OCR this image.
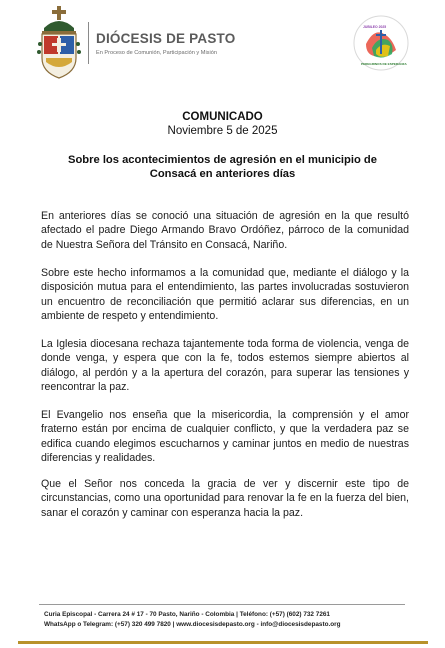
DIÓCESIS DE PASTO
En Proceso de Comunión, Participación y Misión
JUBILEO 2025
PEREGRINOS DE ESPERANZA
COMUNICADO
Noviembre 5 de 2025
Sobre los acontecimientos de agresión en el municipio de Consacá en anteriores días

En anteriores días se conoció una situación de agresión en la que resultó afectado el padre Diego Armando Bravo Ordóñez, párroco de la comunidad de Nuestra Señora del Tránsito en Consacá, Nariño.

Sobre este hecho informamos a la comunidad que, mediante el diálogo y la disposición mutua para el entendimiento, las partes involucradas sostuvieron un encuentro de reconciliación que permitió aclarar sus diferencias, en un ambiente de respeto y entendimiento.

La Iglesia diocesana rechaza tajantemente toda forma de violencia, venga de donde venga, y espera que con la fe, todos estemos siempre abiertos al diálogo, al perdón y a la apertura del corazón, para superar las tensiones y reencontrar la paz.

El Evangelio nos enseña que la misericordia, la comprensión y el amor fraterno están por encima de cualquier conflicto, y que la verdadera paz se edifica cuando elegimos escucharnos y caminar juntos en medio de nuestras diferencias y realidades.

Que el Señor nos conceda la gracia de ver y discernir este tipo de circunstancias, como una oportunidad para renovar la fe en la fuerza del bien, sanar el corazón y caminar con esperanza hacia la paz.

Curia Episcopal - Carrera 24 # 17 - 70 Pasto, Nariño - Colombia | Teléfono: (+57) (602) 732 7261
WhatsApp o Telegram: (+57) 320 499 7820 | www.diocesisdepasto.org - info@diocesisdepasto.org
